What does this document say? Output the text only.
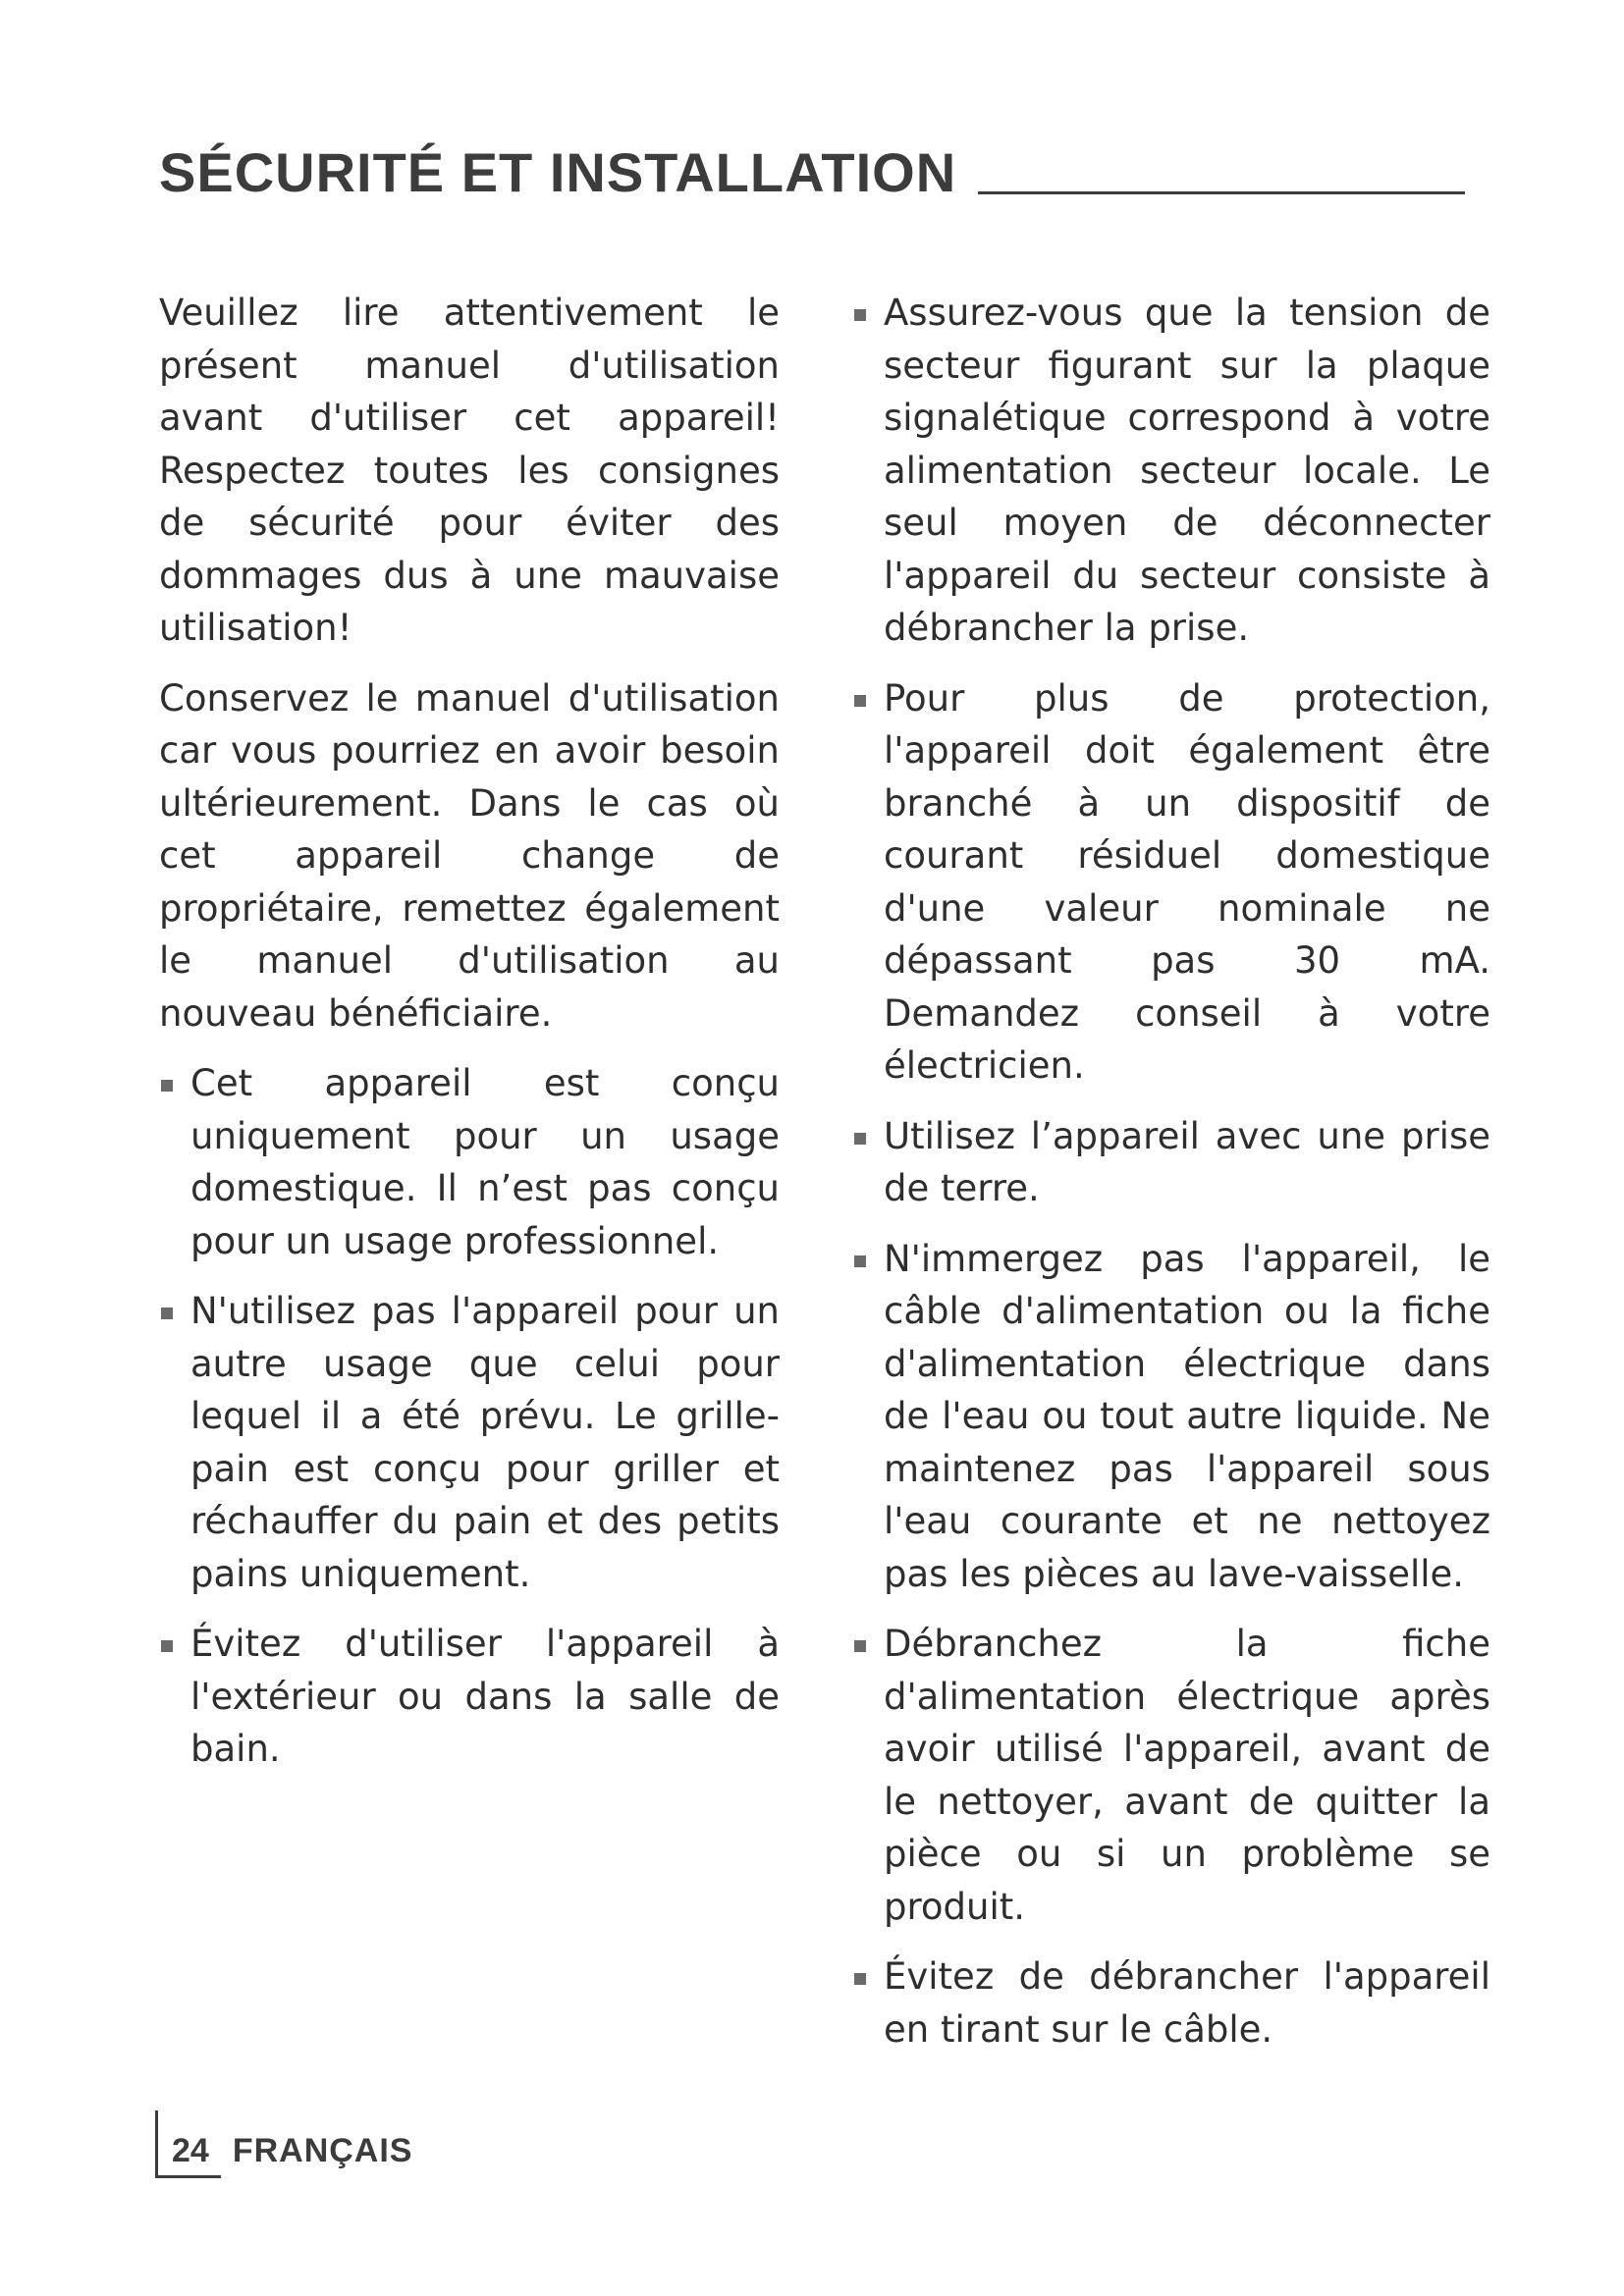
SÉCURITÉ ET INSTALLATION

Veuillez lire attentivement le présent manuel d'utilisation avant d'utiliser cet appareil! Respectez toutes les consignes de sécurité pour éviter des dommages dus à une mauvaise utilisation!

Conservez le manuel d'utilisation car vous pourriez en avoir besoin ultérieurement. Dans le cas où cet appareil change de propriétaire, remettez également le manuel d'utilisation au nouveau bénéficiaire.

Cet appareil est conçu uniquement pour un usage domestique. Il n’est pas conçu pour un usage professionnel.
N'utilisez pas l'appareil pour un autre usage que celui pour lequel il a été prévu. Le grille-pain est conçu pour griller et réchauffer du pain et des petits pains uniquement.
Évitez d'utiliser l'appareil à l'extérieur ou dans la salle de bain.
Assurez-vous que la tension de secteur figurant sur la plaque signalétique correspond à votre alimentation secteur locale. Le seul moyen de déconnecter l'appareil du secteur consiste à débrancher la prise.
Pour plus de protection, l'appareil doit également être branché à un dispositif de courant résiduel domestique d'une valeur nominale ne dépassant pas 30 mA. Demandez conseil à votre électricien.
Utilisez l’appareil avec une prise de terre.
N'immergez pas l'appareil, le câble d'alimentation ou la fiche d'alimentation électrique dans de l'eau ou tout autre liquide. Ne maintenez pas l'appareil sous l'eau courante et ne nettoyez pas les pièces au lave-vaisselle.
Débranchez la fiche d'alimentation électrique après avoir utilisé l'appareil, avant de le nettoyer, avant de quitter la pièce ou si un problème se produit.
Évitez de débrancher l'appareil en tirant sur le câble.
24 FRANÇAIS
